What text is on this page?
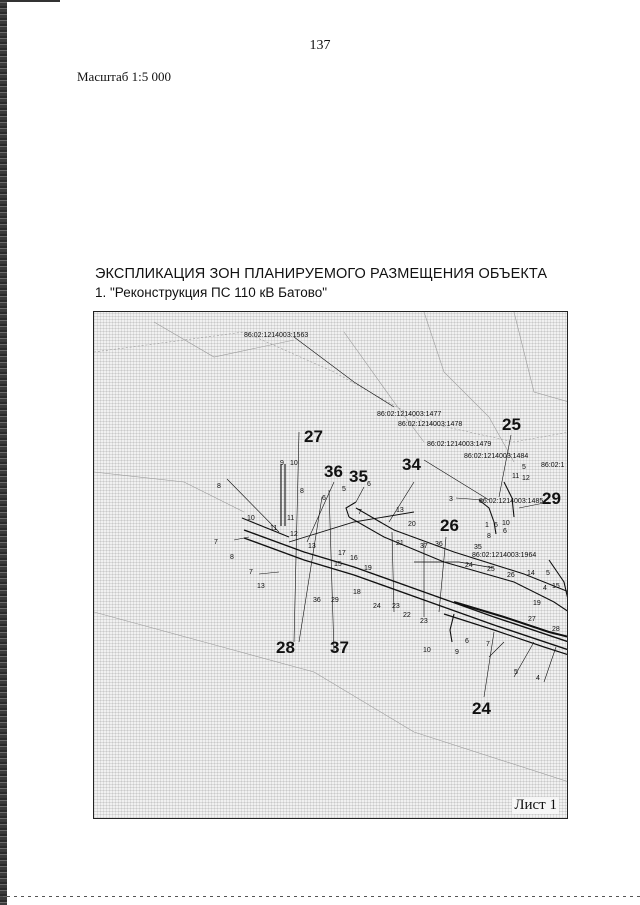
137
Масштаб 1:5 000
ЭКСПЛИКАЦИЯ ЗОН ПЛАНИРУЕМОГО РАЗМЕЩЕНИЯ ОБЪЕКТА
1. "Реконструкция ПС 110 кВ Батово"
86:02:1214003:1563
86:02:1214003:1477
86:02:1214003:1478
86:02:1214003:1479
86:02:1214003:1484
86:02:1
86:02:1214003:1485
86:02:1214003:1964
27
36 35
34
25
26
29
28 37
24
9 10
8
11
8
10
7
11
12
8
7
13
6
13
5
6
7	13
20
21 37 36
17
16
15
19
18
24 23
22
23
36 29
3
5
11 12
1 6 10
6
8
35
24
25
26 14 5
4
19
15
27
28
7
6
10	9
5
4
Лист 1
